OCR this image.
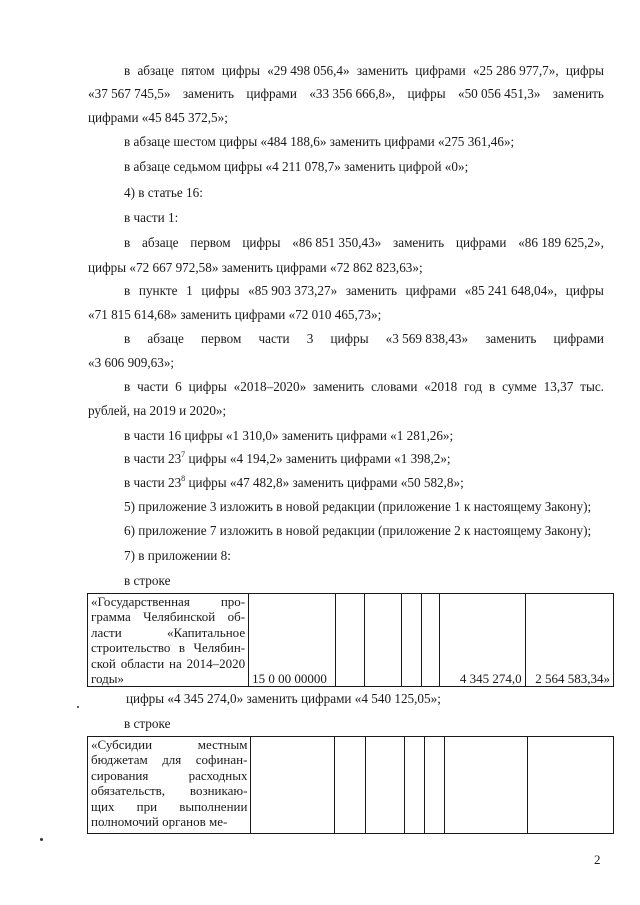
в абзаце пятом цифры «29 498 056,4» заменить цифрами «25 286 977,7», цифры
«37 567 745,5» заменить цифрами «33 356 666,8», цифры «50 056 451,3» заменить
цифрами «45 845 372,5»;
в абзаце шестом цифры «484 188,6» заменить цифрами «275 361,46»;
в абзаце седьмом цифры «4 211 078,7» заменить цифрой «0»;
4) в статье 16:
в части 1:
в абзаце первом цифры «86 851 350,43» заменить цифрами «86 189 625,2»,
цифры «72 667 972,58» заменить цифрами «72 862 823,63»;
в пункте 1 цифры «85 903 373,27» заменить цифрами «85 241 648,04», цифры
«71 815 614,68» заменить цифрами «72 010 465,73»;
в абзаце первом части 3 цифры «3 569 838,43» заменить цифрами
«3 606 909,63»;
в части 6 цифры «2018–2020» заменить словами «2018 год в сумме 13,37 тыс.
рублей, на 2019 и 2020»;
в части 16 цифры «1 310,0» заменить цифрами «1 281,26»;
в части $23^7$ цифры «4 194,2» заменить цифрами «1 398,2»;
в части $23^8$ цифры «47 482,8» заменить цифрами «50 582,8»;
5) приложение 3 изложить в новой редакции (приложение 1 к настоящему Закону);
6) приложение 7 изложить в новой редакции (приложение 2 к настоящему Закону);
7) в приложении 8:
в строке
«Государственная про-грамма Челябинской об-ласти «Капитальное строительство в Челябин-ской области на 2014–2020 годы»	15 0 00 00000					4 345 274,0	2 564 583,34»
цифры «4 345 274,0» заменить цифрами «4 540 125,05»;
в строке
«Субсидии местным бюджетам для софинан-сирования расходных обязательств, возникаю-щих при выполнении полномочий органов ме-							
2
